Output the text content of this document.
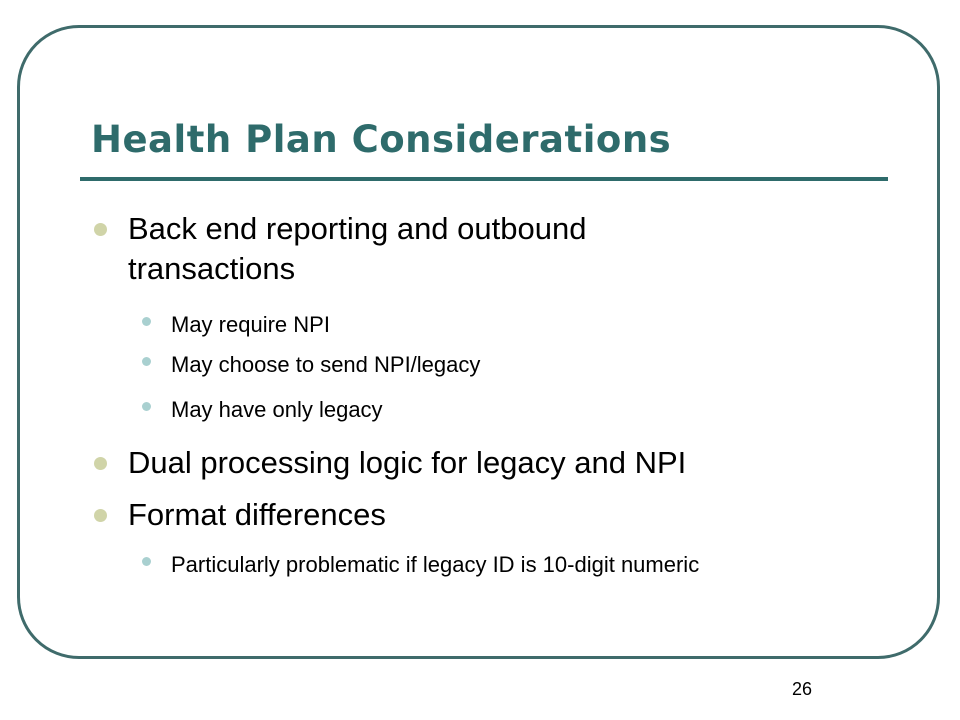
Health Plan Considerations

Back end reporting and outbound transactions

May require NPI

May choose to send NPI/legacy

May have only legacy

Dual processing logic for legacy and NPI

Format differences

Particularly problematic if legacy ID is 10-digit numeric

26
